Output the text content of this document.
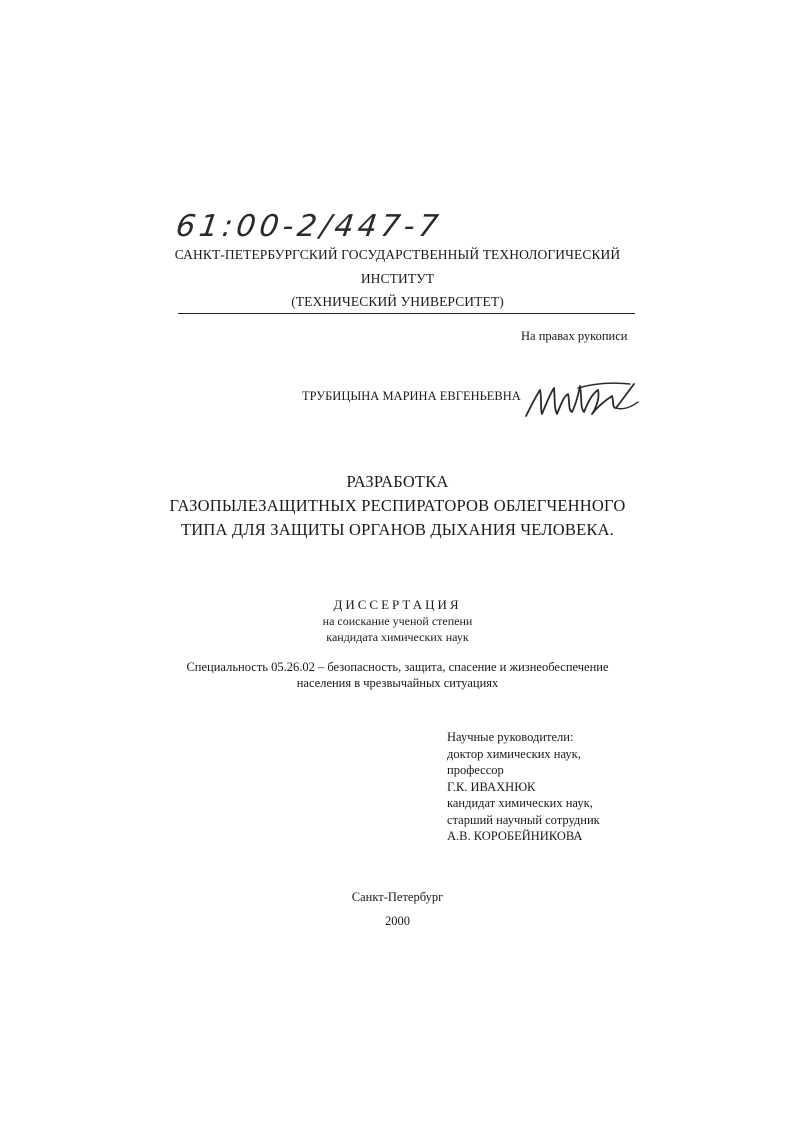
61:00-2/447-7
САНКТ-ПЕТЕРБУРГСКИЙ ГОСУДАРСТВЕННЫЙ ТЕХНОЛОГИЧЕСКИЙ
ИНСТИТУТ
(ТЕХНИЧЕСКИЙ УНИВЕРСИТЕТ)
На правах рукописи
ТРУБИЦЫНА МАРИНА ЕВГЕНЬЕВНА
РАЗРАБОТКА
ГАЗОПЫЛЕЗАЩИТНЫХ РЕСПИРАТОРОВ ОБЛЕГЧЕННОГО
ТИПА ДЛЯ ЗАЩИТЫ ОРГАНОВ ДЫХАНИЯ ЧЕЛОВЕКА.
ДИССЕРТАЦИЯ
на соискание ученой степени
кандидата химических наук
Специальность 05.26.02 – безопасность, защита, спасение и жизнеобеспечение
населения в чрезвычайных ситуациях
Научные руководители:
доктор химических наук,
профессор
Г.К. ИВАХНЮК
кандидат химических наук,
старший научный сотрудник
А.В. КОРОБЕЙНИКОВА
Санкт-Петербург
2000
